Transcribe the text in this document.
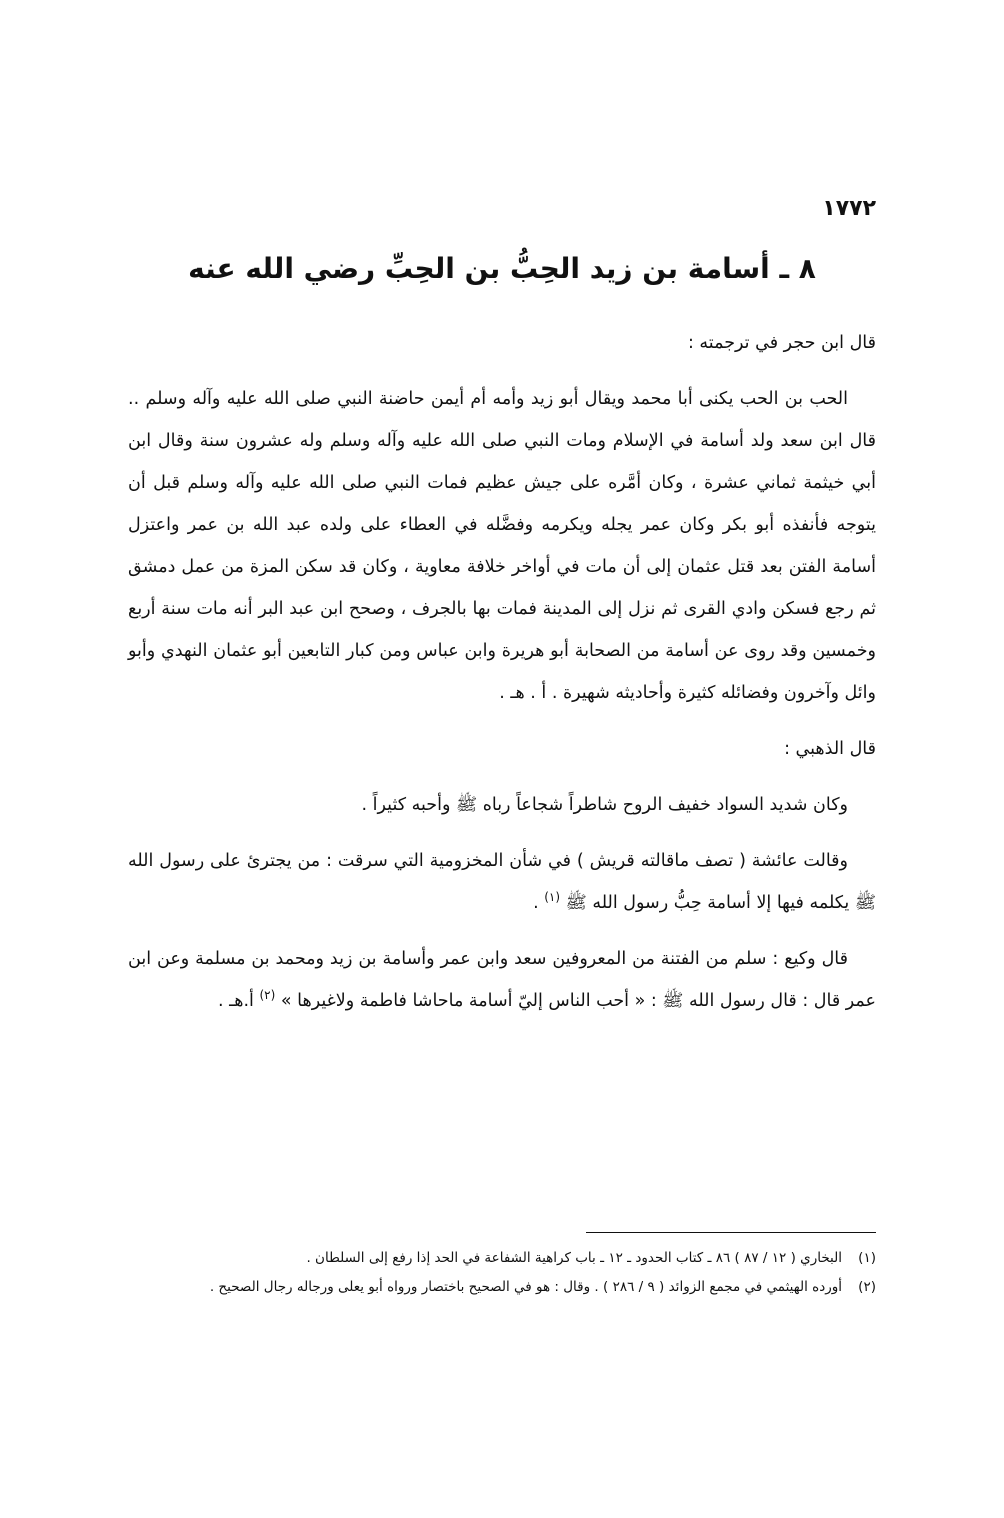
١٧٧٢
٨ ـ أسامة بن زيد الحِبُّ بن الحِبِّ رضي الله عنه

قال ابن حجر في ترجمته :

الحب بن الحب يكنى أبا محمد ويقال أبو زيد وأمه أم أيمن حاضنة النبي صلى الله عليه وآله وسلم .. قال ابن سعد ولد أسامة في الإسلام ومات النبي صلى الله عليه وآله وسلم وله عشرون سنة وقال ابن أبي خيثمة ثماني عشرة ، وكان أمَّره على جيش عظيم فمات النبي صلى الله عليه وآله وسلم قبل أن يتوجه فأنفذه أبو بكر وكان عمر يجله ويكرمه وفضَّله في العطاء على ولده عبد الله بن عمر واعتزل أسامة الفتن بعد قتل عثمان إلى أن مات في أواخر خلافة معاوية ، وكان قد سكن المزة من عمل دمشق ثم رجع فسكن وادي القرى ثم نزل إلى المدينة فمات بها بالجرف ، وصحح ابن عبد البر أنه مات سنة أربع وخمسين وقد روى عن أسامة من الصحابة أبو هريرة وابن عباس ومن كبار التابعين أبو عثمان النهدي وأبو وائل وآخرون وفضائله كثيرة وأحاديثه شهيرة . أ . هـ .

قال الذهبي :

وكان شديد السواد خفيف الروح شاطراً شجاعاً رباه ﷺ وأحبه كثيراً .

وقالت عائشة ( تصف ماقالته قريش ) في شأن المخزومية التي سرقت : من يجترئ على رسول الله ﷺ يكلمه فيها إلا أسامة حِبُّ رسول الله ﷺ $^{(١)}$ .

قال وكيع : سلم من الفتنة من المعروفين سعد وابن عمر وأسامة بن زيد ومحمد بن مسلمة وعن ابن عمر قال : قال رسول الله ﷺ : « أحب الناس إليّ أسامة ماحاشا فاطمة ولاغيرها » $^{(٢)}$ أ.هـ .

(١)
البخاري ( ١٢ / ٨٧ ) ٨٦ ـ كتاب الحدود ـ ١٢ ـ باب كراهية الشفاعة في الحد إذا رفع إلى السلطان .
(٢)
أورده الهيثمي في مجمع الزوائد ( ٩ / ٢٨٦ ) . وقال : هو في الصحيح باختصار ورواه أبو يعلى ورجاله رجال الصحيح .
